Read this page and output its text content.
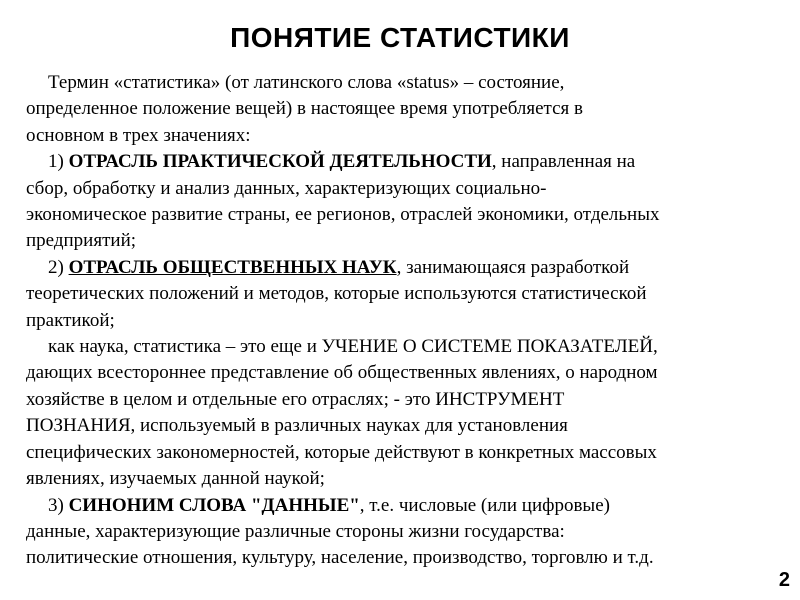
ПОНЯТИЕ СТАТИСТИКИ
Термин «статистика» (от латинского слова «status» – состояние,
определенное положение вещей) в настоящее время употребляется в
основном в трех значениях:
1) ОТРАСЛЬ ПРАКТИЧЕСКОЙ ДЕЯТЕЛЬНОСТИ, направленная на
сбор, обработку и анализ данных, характеризующих социально-
экономическое развитие страны, ее регионов, отраслей экономики, отдельных
предприятий;
2) ОТРАСЛЬ ОБЩЕСТВЕННЫХ НАУК, занимающаяся разработкой
теоретических положений и методов, которые используются статистической
практикой;
как наука, статистика – это еще и УЧЕНИЕ О СИСТЕМЕ ПОКАЗАТЕЛЕЙ,
дающих всестороннее представление об общественных явлениях, о народном
хозяйстве в целом и отдельные его отраслях; - это ИНСТРУМЕНТ
ПОЗНАНИЯ, используемый в различных науках для установления
специфических закономерностей, которые действуют в конкретных массовых
явлениях, изучаемых данной наукой;
3) СИНОНИМ СЛОВА "ДАННЫЕ", т.е. числовые (или цифровые)
данные, характеризующие различные стороны жизни государства:
политические отношения, культуру, население, производство, торговлю и т.д.
2
